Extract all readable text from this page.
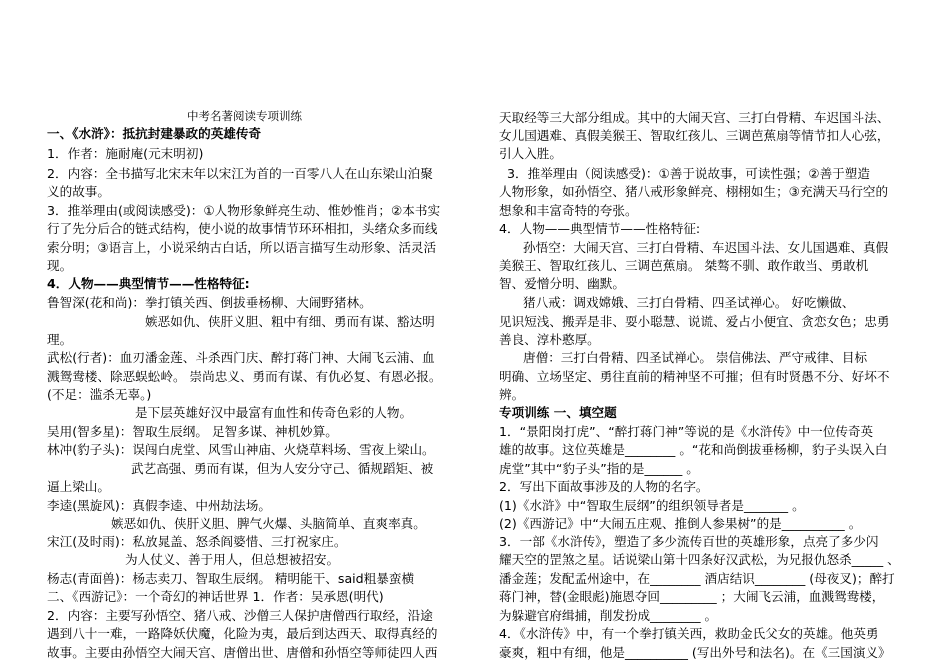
中考名著阅读专项训练
一、《水浒》：抵抗封建暴政的英雄传奇
1．作者：施耐庵(元末明初)
2．内容：全书描写北宋末年以宋江为首的一百零八人在山东梁山泊聚
义的故事。
3．推举理由(或阅读感受)：①人物形象鲜亮生动、惟妙惟肖；②本书实
行了先分后合的链式结构，使小说的故事情节环环相扣，头绪众多而线
索分明；③语言上，小说采纳古白话，所以语言描写生动形象、活灵活
现。
4．人物——典型情节——性格特征:
鲁智深(花和尚)：拳打镇关西、倒拔垂杨柳、大闹野猪林。
嫉恶如仇、侠肝义胆、粗中有细、勇而有谋、豁达明
理。
武松(行者)：血刃潘金莲、斗杀西门庆、醉打蒋门神、大闹飞云浦、血
溅鸳鸯楼、除恶蜈蚣岭。 崇尚忠义、勇而有谋、有仇必复、有恩必报。
(不足：滥杀无辜。)
是下层英雄好汉中最富有血性和传奇色彩的人物。
吴用(智多星)：智取生辰纲。 足智多谋、神机妙算。
林冲(豹子头)：误闯白虎堂、风雪山神庙、火烧草料场、雪夜上梁山。
武艺高强、勇而有谋，但为人安分守己、循规蹈矩、被
逼上梁山。
李逵(黑旋风)：真假李逵、中州劫法场。
嫉恶如仇、侠肝义胆、脾气火爆、头脑简单、直爽率真。
宋江(及时雨)：私放晁盖、怒杀阎婆惜、三打祝家庄。
为人仗义、善于用人，但总想被招安。
杨志(青面兽)：杨志卖刀、智取生辰纲。 精明能干、said粗暴蛮横
二、《西游记》：一个奇幻的神话世界 1．作者：吴承恩(明代)
2．内容：主要写孙悟空、猪八戒、沙僧三人保护唐僧西行取经，沿途
遇到八十一难，一路降妖伏魔，化险为夷，最后到达西天、取得真经的
故事。主要由孙悟空大闹天宫、唐僧出世、唐僧和孙悟空等师徒四人西
天取经等三大部分组成。其中的大闹天宫、三打白骨精、车迟国斗法、
女儿国遇难、真假美猴王、智取红孩儿、三调芭蕉扇等情节扣人心弦，
引人入胜。
3．推举理由（阅读感受)：①善于说故事，可读性强；②善于塑造
人物形象，如孙悟空、猪八戒形象鲜亮、栩栩如生；③充满天马行空的
想象和丰富奇特的夸张。
4．人物——典型情节——性格特征:
孙悟空：大闹天宫、三打白骨精、车迟国斗法、女儿国遇难、真假
美猴王、智取红孩儿、三调芭蕉扇。 桀骜不驯、敢作敢当、勇敢机
智、爱憎分明、幽默。
猪八戒：调戏嫦娥、三打白骨精、四圣试禅心。 好吃懒做、
见识短浅、搬弄是非、耍小聪慧、说谎、爱占小便宜、贪恋女色；忠勇
善良、淳朴憨厚。
唐僧：三打白骨精、四圣试禅心。 崇信佛法、严守戒律、目标
明确、立场坚定、勇往直前的精神坚不可摧；但有时贤愚不分、好坏不
辨。
专项训练 一、填空题
1．“景阳岗打虎”、“醉打蒋门神”等说的是《水浒传》中一位传奇英
雄的故事。这位英雄是________ 。“花和尚倒拔垂杨柳，豹子头误入白
虎堂”其中“豹子头”指的是______ 。
2．写出下面故事涉及的人物的名字。
(1)《水浒》中“智取生辰纲”的组织领导者是_______ 。
(2)《西游记》中“大闹五庄观、推倒人参果树”的是__________ 。
3．一部《水浒传》，塑造了多少流传百世的英雄形象，点亮了多少闪
耀天空的罡煞之星。话说梁山第十四条好汉武松，为兄报仇怒杀_____ 、
潘金莲；发配孟州途中，在________ 酒店结识________ (母夜叉)；醉打
蒋门神，替(金眼彪)施恩夺回_________ ；大闹飞云浦，血溅鸳鸯楼，
为躲避官府缉捕，削发扮成________ 。
4．《水浒传》中，有一个拳打镇关西，救助金氏父女的英雄。他英勇
豪爽，粗中有细，他是__________ (写出外号和法名)。在《三国演义》
